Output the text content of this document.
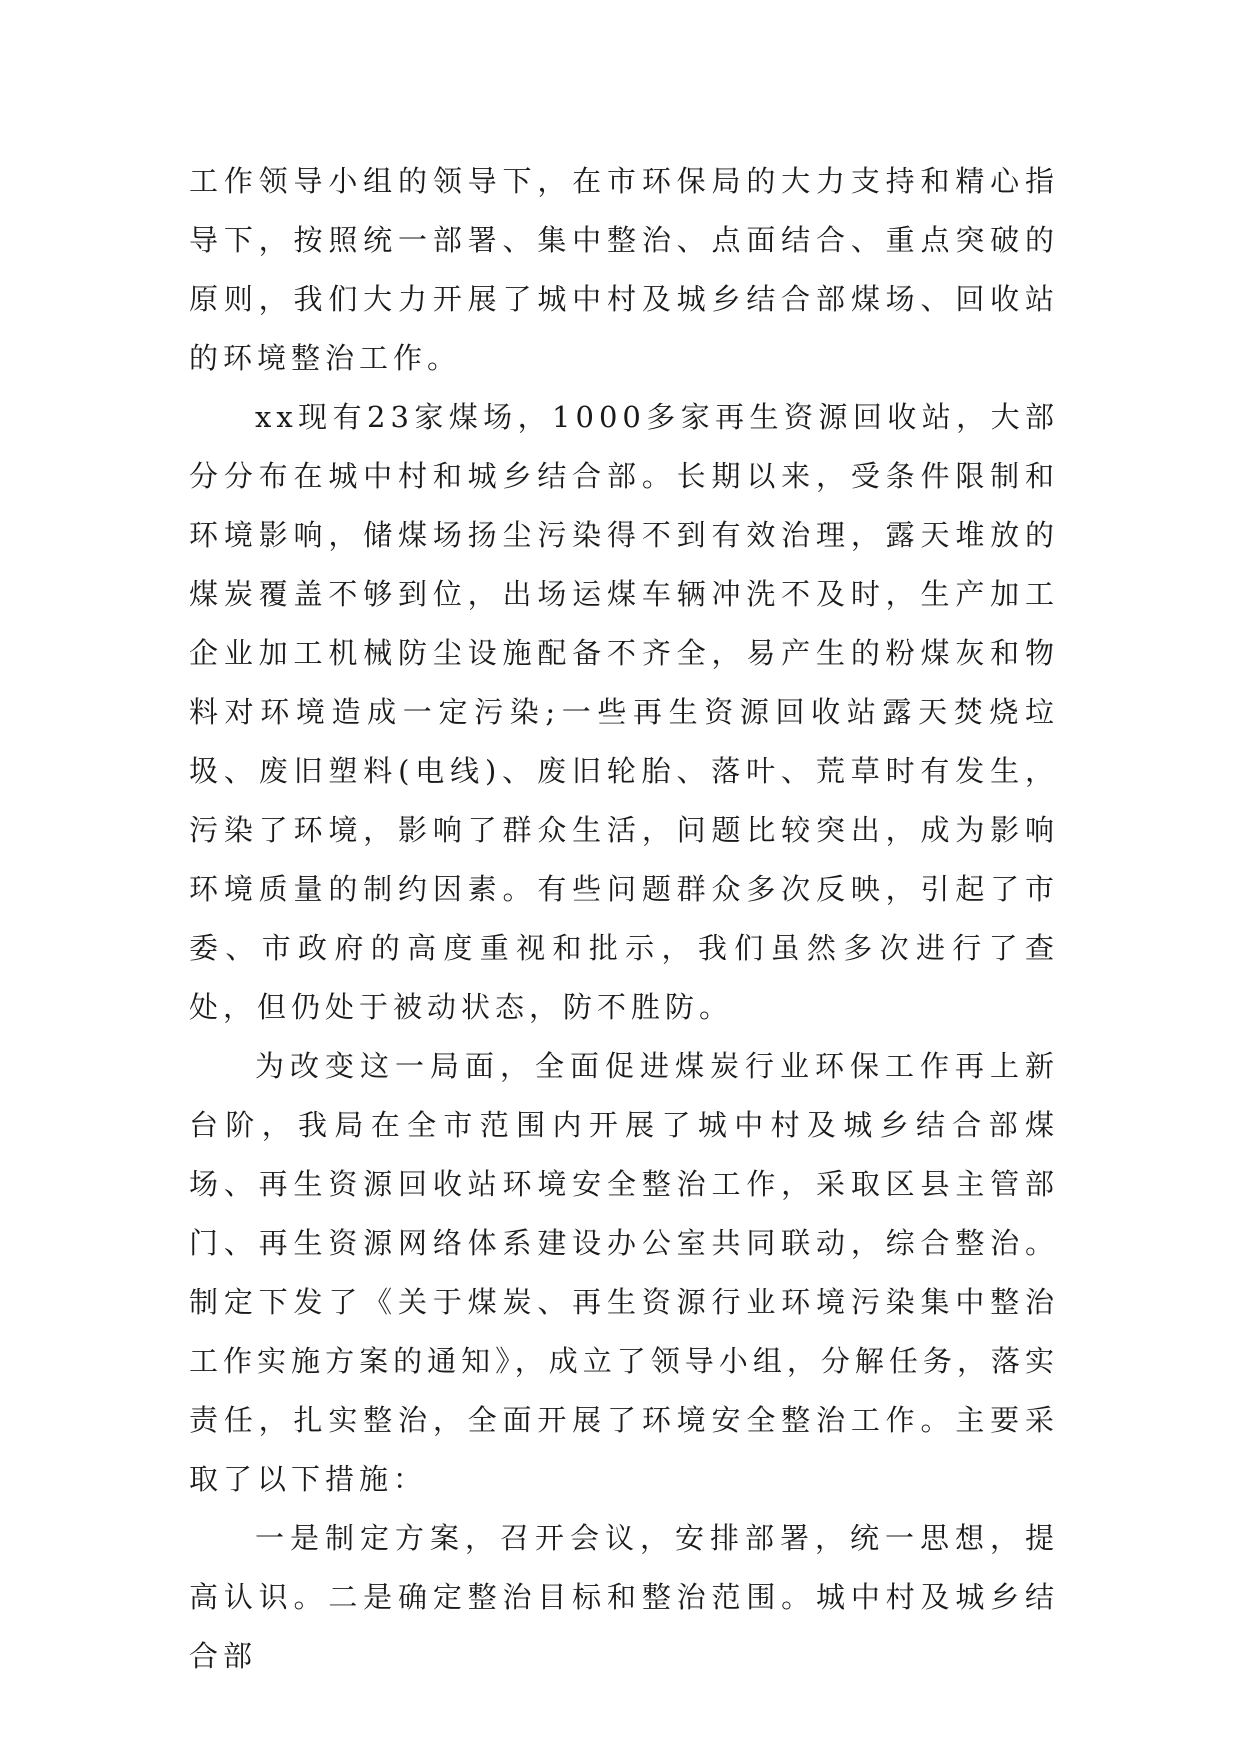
工作领导小组的领导下，在市环保局的大力支持和精心指导下，按照统一部署、集中整治、点面结合、重点突破的原则，我们大力开展了城中村及城乡结合部煤场、回收站的环境整治工作。

xx现有23家煤场，1000多家再生资源回收站，大部分分布在城中村和城乡结合部。长期以来，受条件限制和环境影响，储煤场扬尘污染得不到有效治理，露天堆放的煤炭覆盖不够到位，出场运煤车辆冲洗不及时，生产加工企业加工机械防尘设施配备不齐全，易产生的粉煤灰和物料对环境造成一定污染;一些再生资源回收站露天焚烧垃圾、废旧塑料(电线)、废旧轮胎、落叶、荒草时有发生，污染了环境，影响了群众生活，问题比较突出，成为影响环境质量的制约因素。有些问题群众多次反映，引起了市委、市政府的高度重视和批示，我们虽然多次进行了查处，但仍处于被动状态，防不胜防。

为改变这一局面，全面促进煤炭行业环保工作再上新台阶，我局在全市范围内开展了城中村及城乡结合部煤场、再生资源回收站环境安全整治工作，采取区县主管部门、再生资源网络体系建设办公室共同联动，综合整治。制定下发了《关于煤炭、再生资源行业环境污染集中整治工作实施方案的通知》，成立了领导小组，分解任务，落实责任，扎实整治，全面开展了环境安全整治工作。主要采取了以下措施：

一是制定方案，召开会议，安排部署，统一思想，提高认识。二是确定整治目标和整治范围。城中村及城乡结合部
